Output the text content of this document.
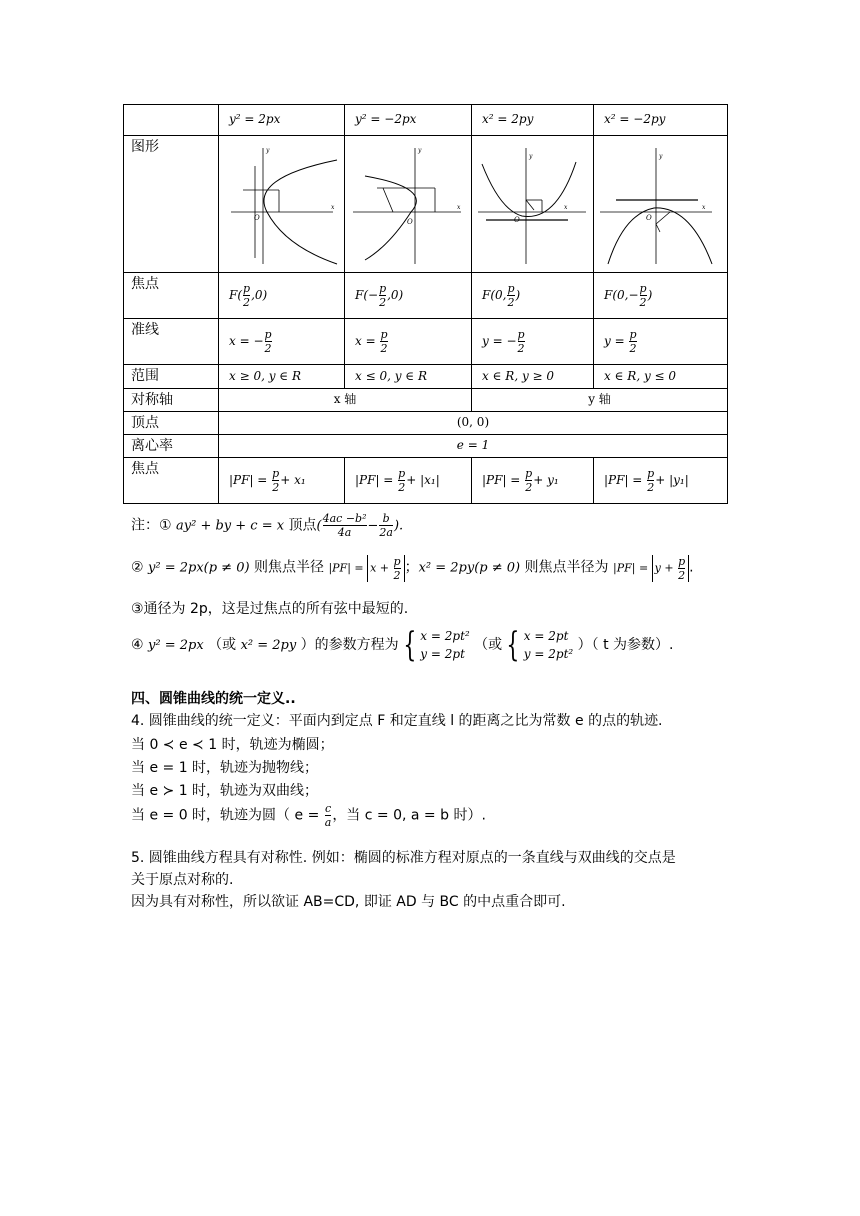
	y² = 2px	y² = −2px	x² = 2py	x² = −2py
图形	x
y
O	x
y
O	x
y
O	x
y
O

焦点	$F( \frac{p}{2} ,0)$	$F(- \frac{p}{2} ,0)$	F(0, $\frac{p}{2}$ )	$F(0,- \frac{p}{2}$ )
准线	x = − $\frac{p}{2}$	$x = \frac{p}{2}$	y = − $\frac{p}{2}$	$y = \frac{p}{2}$

范围	x ≥ 0, y ∈ R	x ≤ 0, y ∈ R	x ∈ R, y ≥ 0	x ∈ R, y ≤ 0
对称轴	x 轴		y 轴	
顶点	(0, 0)			
离心率	e = 1			
焦点	$|PF| = \frac{p}{2} + x_1$	$|PF| = \frac{p}{2} + |x_1|$	$|PF| = \frac{p}{2} + y_1$	$|PF| = \frac{p}{2} + |y_1|$
注：① ay² + by + c = x 顶点( $\frac{\text{4ac −b²}}{4a} - \frac{b}{2a}$ ).
② y² = 2px(p ≠ 0) 则焦点半径 $|PF| = x + \frac{p}{2}$ ；x² = 2py(p ≠ 0) 则焦点半径为 $|PF| = y + \frac{p}{2}$ .
③通径为 2p，这是过焦点的所有弦中最短的.
④ y² = 2px （或 x² = 2py ）的参数方程为 { x = 2pt²
y = 2pt
（或 { x = 2pt
y = 2pt²
）（ t 为参数）.
四、圆锥曲线的统一定义..
4. 圆锥曲线的统一定义：平面内到定点 F 和定直线 l 的距离之比为常数 e 的点的轨迹.
当 0 ≺ e ≺ 1 时，轨迹为椭圆；
当 e = 1 时，轨迹为抛物线；
当 e ≻ 1 时，轨迹为双曲线；
当 e = 0 时，轨迹为圆（ $e = \frac{c}{a}$ ，当 c = 0, a = b 时）.
5. 圆锥曲线方程具有对称性. 例如：椭圆的标准方程对原点的一条直线与双曲线的交点是
关于原点对称的.
因为具有对称性，所以欲证 AB=CD, 即证 AD 与 BC 的中点重合即可.
